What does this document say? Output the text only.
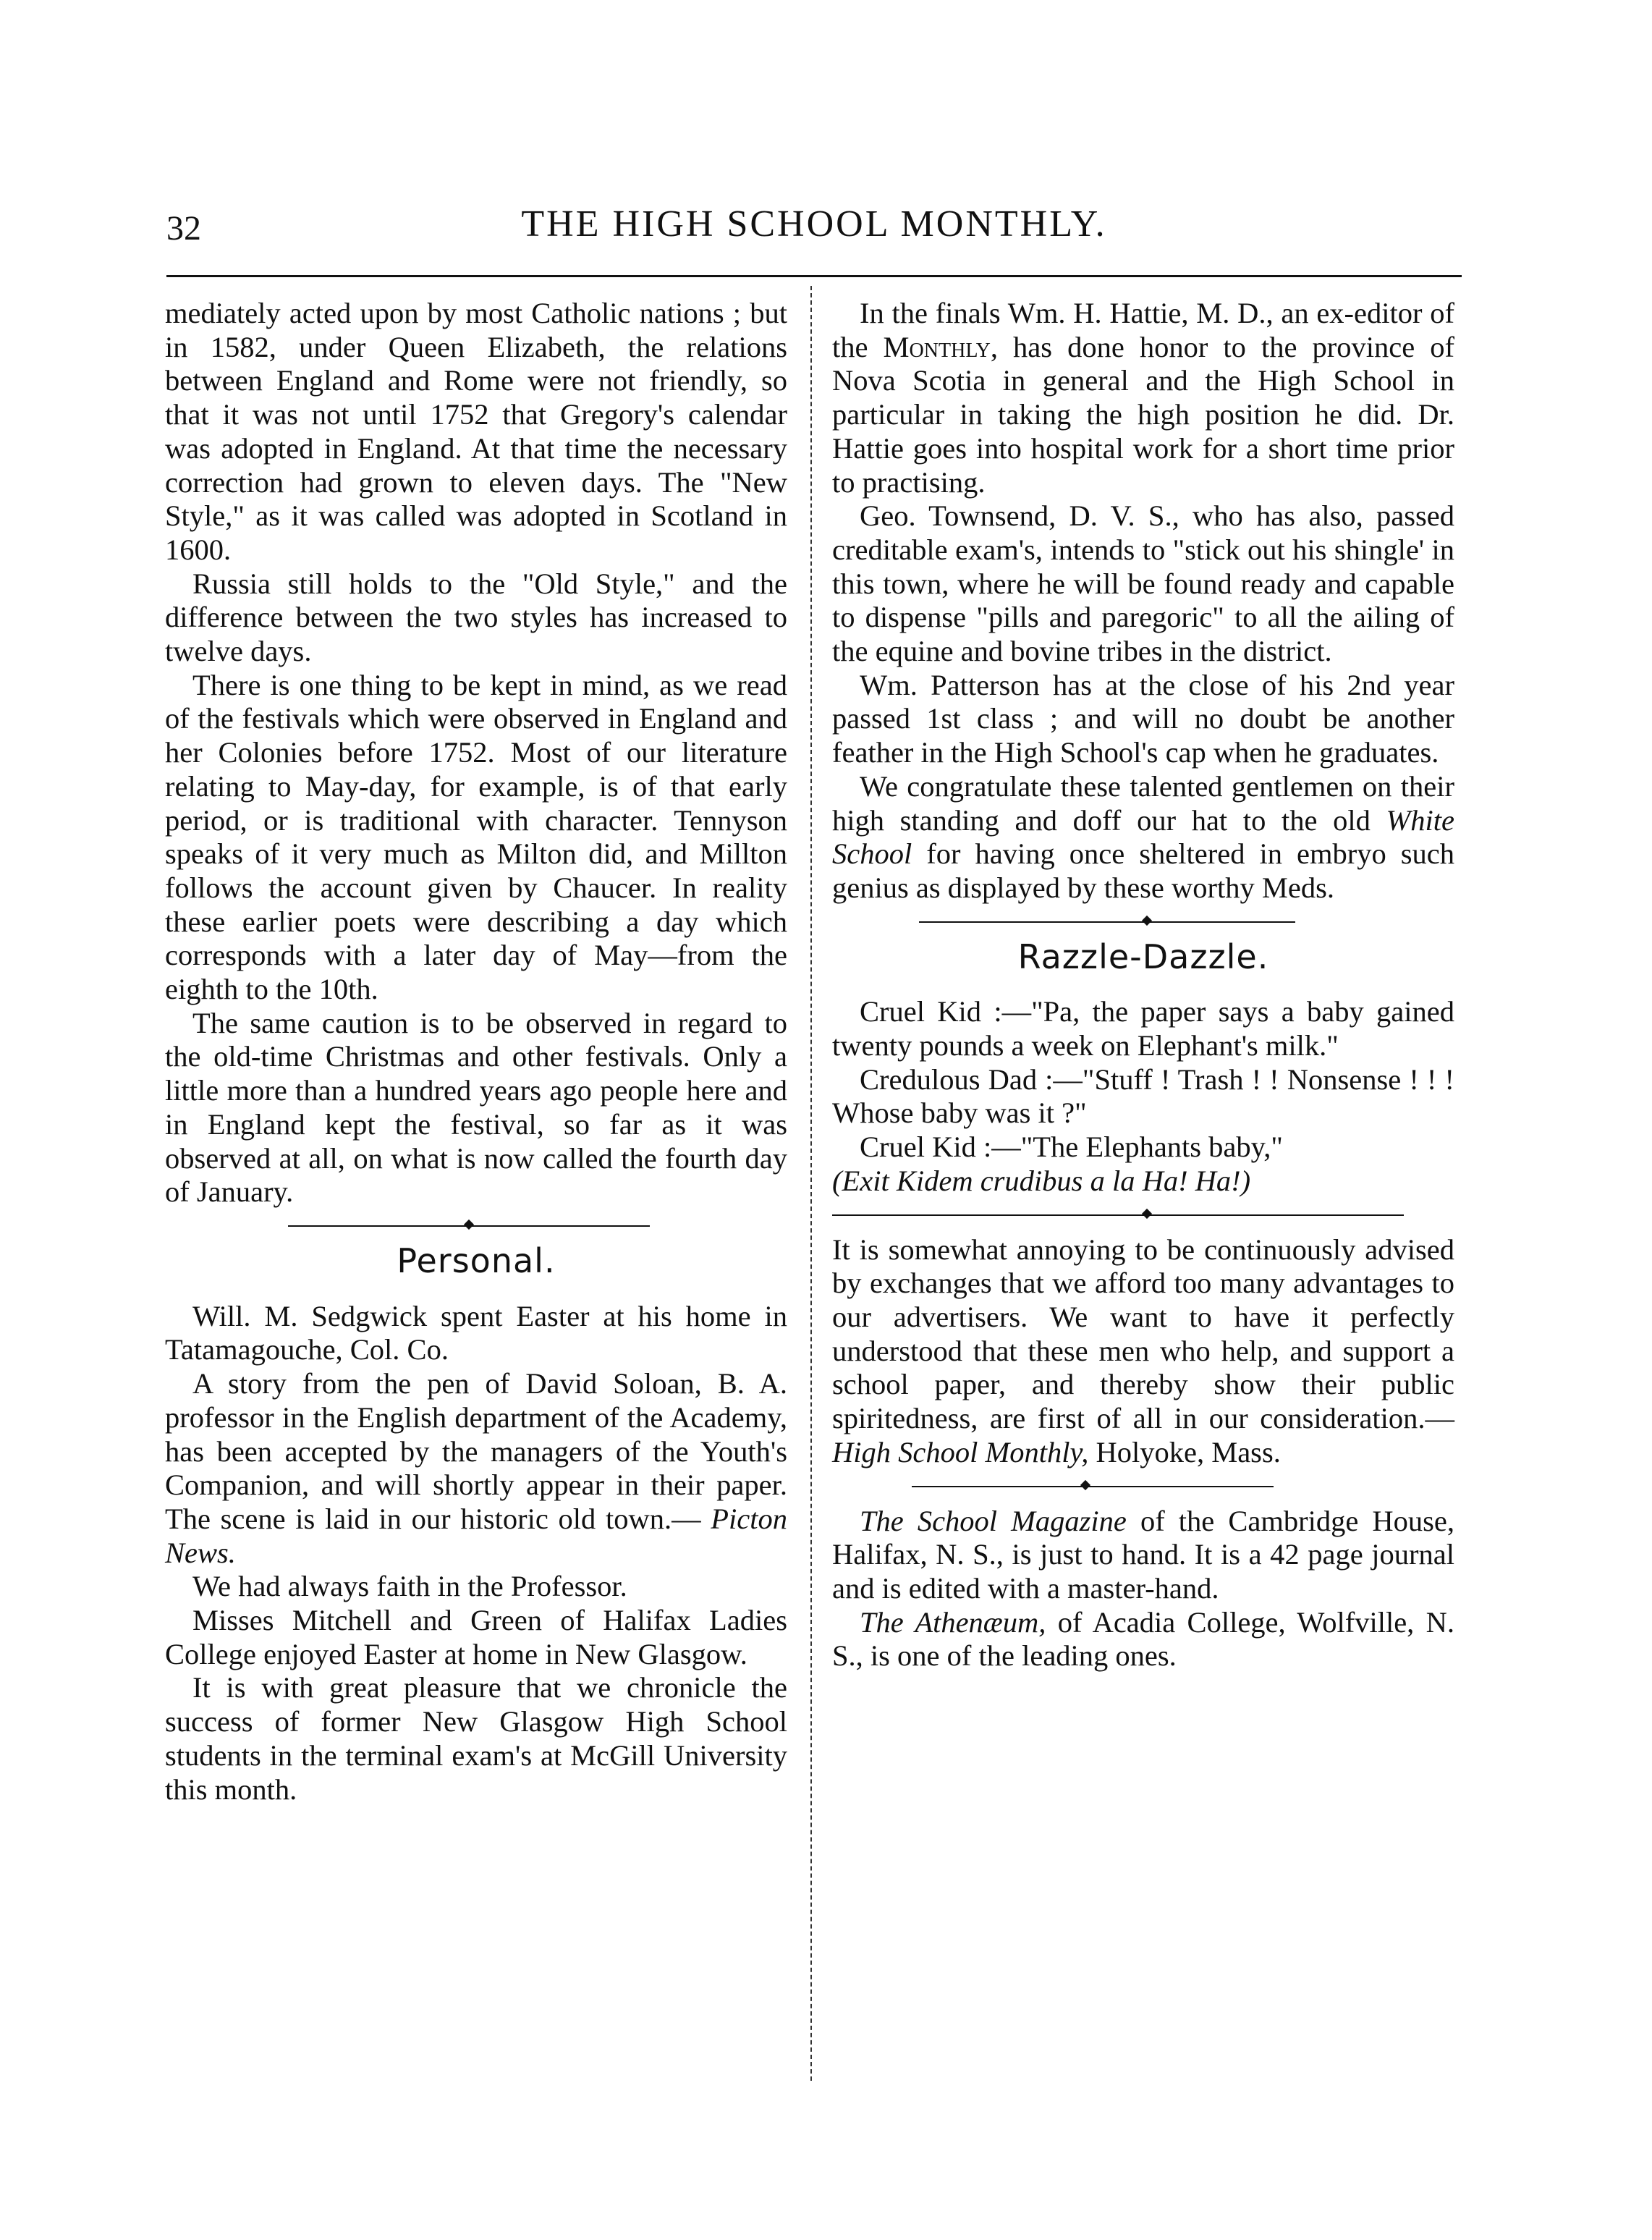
32	THE HIGH SCHOOL MONTHLY.

mediately acted upon by most Catholic nations ; but in 1582, under Queen Elizabeth, the relations between England and Rome were not friendly, so that it was not until 1752 that Gregory's calendar was adopted in England. At that time the necessary correction had grown to eleven days. The "New Style," as it was called was adopted in Scotland in 1600.

Russia still holds to the "Old Style," and the difference between the two styles has increased to twelve days.

There is one thing to be kept in mind, as we read of the festivals which were observed in England and her Colonies before 1752. Most of our literature relating to May-day, for example, is of that early period, or is traditional with character. Tennyson speaks of it very much as Milton did, and Millton follows the account given by Chaucer. In reality these earlier poets were describing a day which corresponds with a later day of May—from the eighth to the 10th.

The same caution is to be observed in regard to the old-time Christmas and other festivals. Only a little more than a hundred years ago people here and in England kept the festival, so far as it was observed at all, on what is now called the fourth day of January.

Personal.

Will. M. Sedgwick spent Easter at his home in Tatamagouche, Col. Co.

A story from the pen of David Soloan, B. A. professor in the English department of the Academy, has been accepted by the managers of the Youth's Companion, and will shortly appear in their paper. The scene is laid in our historic old town.— Picton News.

We had always faith in the Professor.

Misses Mitchell and Green of Halifax Ladies College enjoyed Easter at home in New Glasgow.

It is with great pleasure that we chronicle the success of former New Glasgow High School students in the terminal exam's at McGill University this month.

In the finals Wm. H. Hattie, M. D., an ex-editor of the Monthly, has done honor to the province of Nova Scotia in general and the High School in particular in taking the high position he did. Dr. Hattie goes into hospital work for a short time prior to practising.

Geo. Townsend, D. V. S., who has also, passed creditable exam's, intends to "stick out his shingle' in this town, where he will be found ready and capable to dispense "pills and paregoric" to all the ailing of the equine and bovine tribes in the district.

Wm. Patterson has at the close of his 2nd year passed 1st class ; and will no doubt be another feather in the High School's cap when he graduates.

We congratulate these talented gentlemen on their high standing and doff our hat to the old White School for having once sheltered in embryo such genius as displayed by these worthy Meds.

Razzle-Dazzle.

Cruel Kid :—"Pa, the paper says a baby gained twenty pounds a week on Elephant's milk."

Credulous Dad :—"Stuff ! Trash ! ! Nonsense ! ! ! Whose baby was it ?"

Cruel Kid :—"The Elephants baby,"

(Exit Kidem crudibus a la Ha! Ha!)

It is somewhat annoying to be continuously advised by exchanges that we afford too many advantages to our advertisers. We want to have it perfectly understood that these men who help, and support a school paper, and thereby show their public spiritedness, are first of all in our consideration.—High School Monthly, Holyoke, Mass.

The School Magazine of the Cambridge House, Halifax, N. S., is just to hand. It is a 42 page journal and is edited with a master-hand.

The Athenæum, of Acadia College, Wolfville, N. S., is one of the leading ones.
